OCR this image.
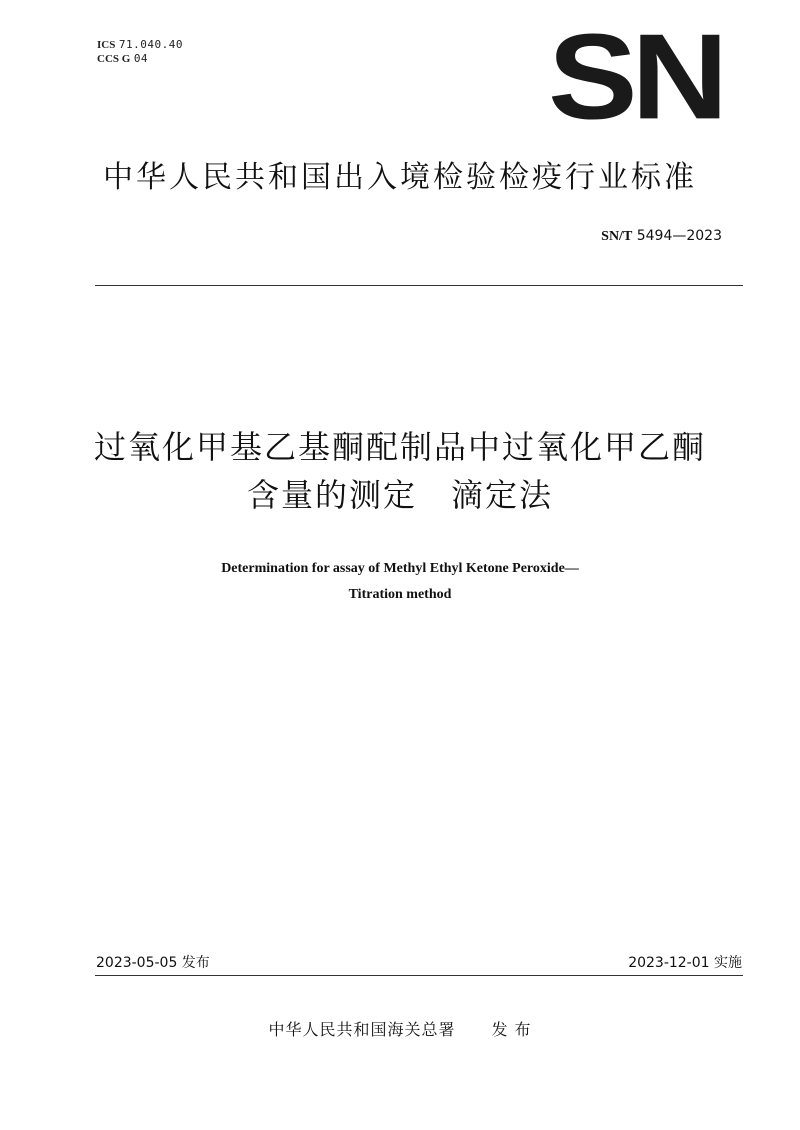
ICS 71.040.40
CCS G 04	SN
中华人民共和国出入境检验检疫行业标准
SN/T 5494—2023
过氧化甲基乙基酮配制品中过氧化甲乙酮
含量的测定　滴定法
Determination for assay of Methyl Ethyl Ketone Peroxide—
Titration method
2023-05-05 发布	2023-12-01 实施
中华人民共和国海关总署 发 布
